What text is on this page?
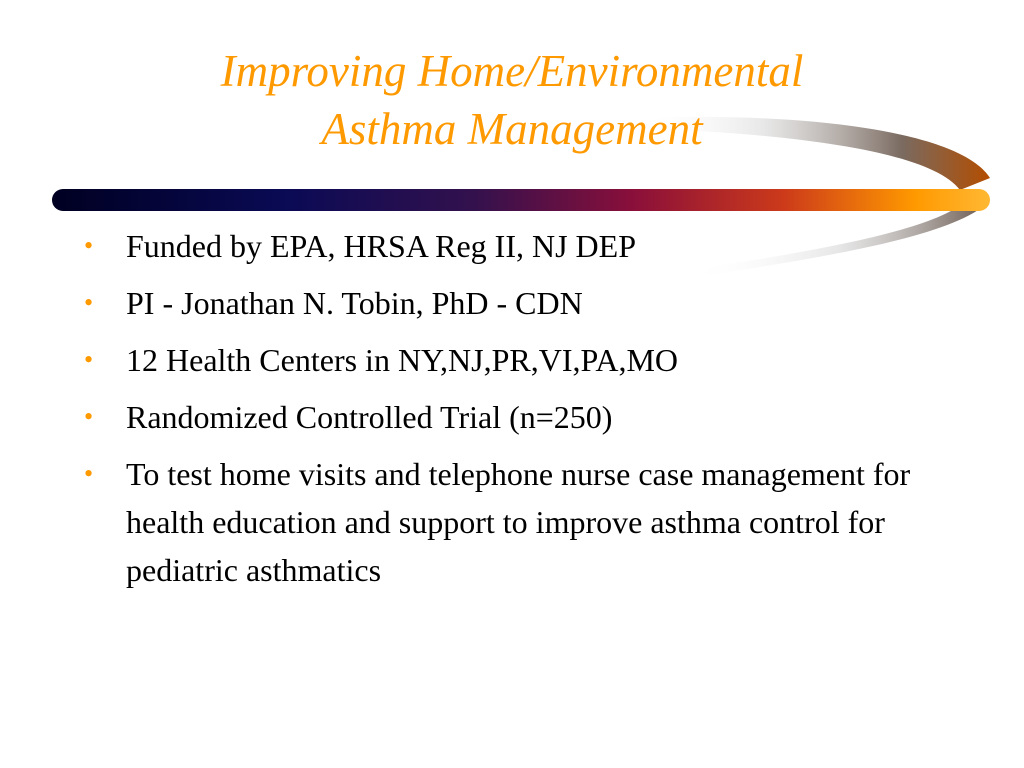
Improving Home/Environmental
Asthma Management
• Funded by EPA, HRSA Reg II, NJ DEP
• PI - Jonathan N. Tobin, PhD - CDN
• 12 Health Centers in NY,NJ,PR,VI,PA,MO
• Randomized Controlled Trial (n=250)
• To test home visits and telephone nurse case management for health education and support to improve asthma control for pediatric asthmatics
